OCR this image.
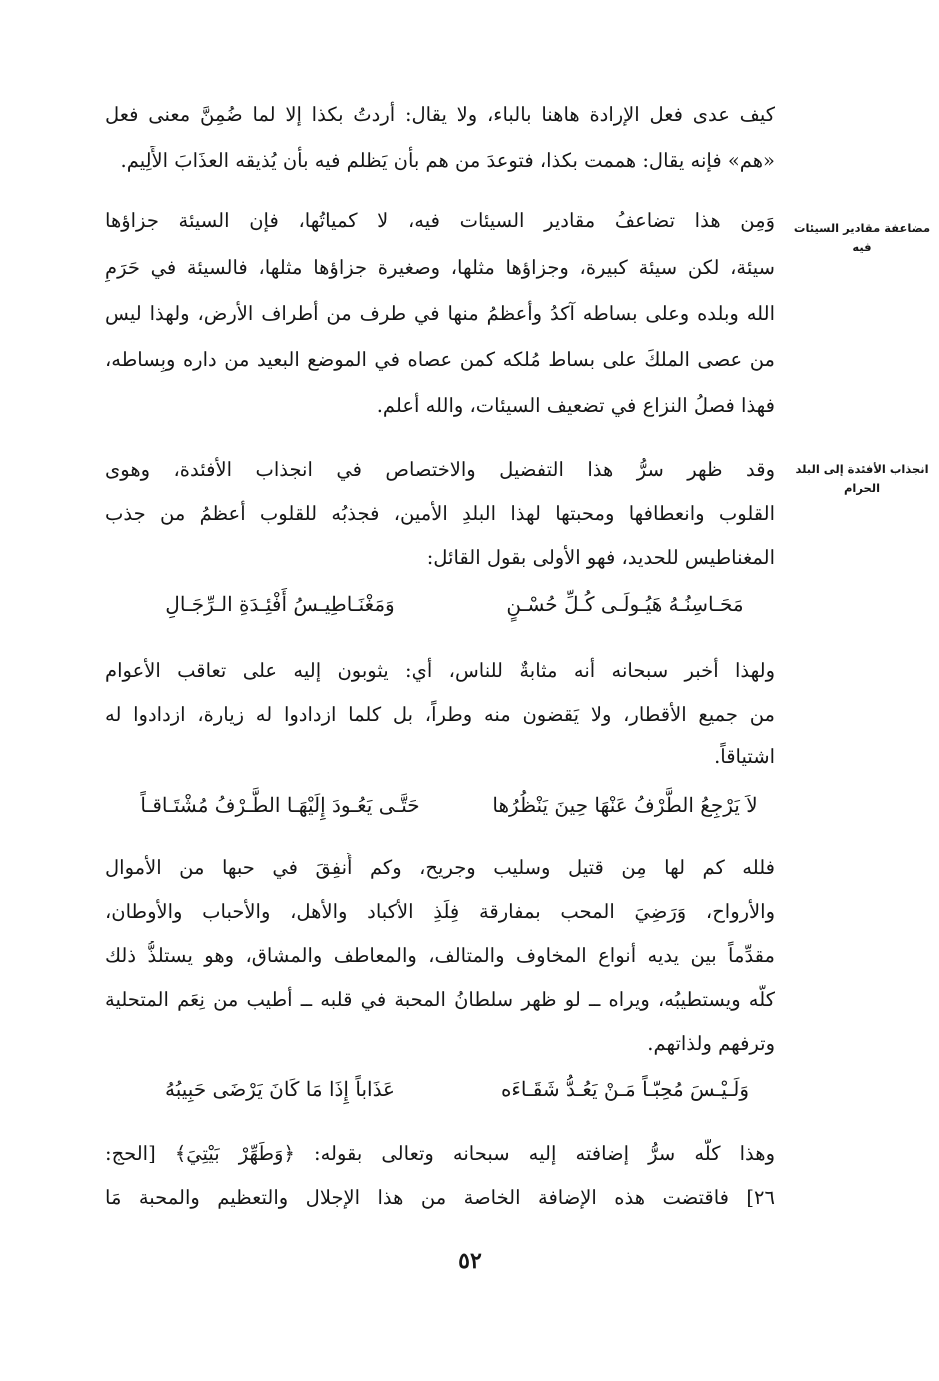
كيف عدى فعل الإرادة هاهنا بالباء، ولا يقال: أردتُ بكذا إلا لما ضُمِنَّ معنى فعل
«هم» فإنه يقال: هممت بكذا، فتوعدَ من هم بأن يَظلم فيه بأن يُذيقه العذَابَ الأَلِيم.
مضاعفة مقادير السيئات فيه
وَمِن هذا تضاعفُ مقادير السيئات فيه، لا كمياتُها، فإن السيئة جزاؤها
سيئة، لكن سيئة كبيرة، وجزاؤها مثلها، وصغيرة جزاؤها مثلها، فالسيئة في حَرَمِ
الله وبلده وعلى بساطه آكدُ وأعظمُ منها في طرف من أطراف الأرض، ولهذا ليس
من عصى الملكَ على بساط مُلكه كمن عصاه في الموضع البعيد من داره وبِساطه،
فهذا فصلُ النزاع في تضعيف السيئات، والله أعلم.
انجذاب الأفئدة إلى البلد الحرام
وقد ظهر سرُّ هذا التفضيل والاختصاص في انجذاب الأفئدة، وهوى
القلوب وانعطافها ومحبتها لهذا البلدِ الأمين، فجذبُه للقلوب أعظمُ من جذب
المغناطيس للحديد، فهو الأولى بقول القائل:
مَحَـاسِنُـهُ هَيُـولَـى كُـلِّ حُسْـنٍ
وَمَغْنَـاطِيـسُ أَفْئِـدَةِ الـرِّجَـالِ
ولهذا أخبر سبحانه أنه مثابةٌ للناس، أي: يثوبون إليه على تعاقب الأعوام
من جميع الأقطار، ولا يَقضون منه وطراً، بل كلما ازدادوا له زيارة، ازدادوا له
اشتياقاً.
لاَ يَرْجِعُ الطَّرْفُ عَنْهَا حِينَ يَنْظُرُها
حَتَّـى يَعُـودَ إِلَيْهَـا الطَّـرْفُ مُشْتَـاقـاً
فلله كم لها مِن قتيل وسليب وجريح، وكم أُنفِقَ في حبها من الأموال
والأرواح، وَرَضِيَ المحب بمفارقة فِلَذِ الأكباد والأهل، والأحباب والأوطان،
مقدِّماً بين يديه أنواع المخاوف والمتالف، والمعاطف والمشاق، وهو يستلذُّ ذلك
كلَّه ويستطيبُه، ويراه ــ لو ظهر سلطانُ المحبة في قلبه ــ أطيب من نِعَم المتحلية
وترفهم ولذاتهم.
وَلَـيْـسَ مُحِبّـاً مَـنْ يَعُـدُّ شَقَـاءَه
عَذَاباً إِذَا مَا كَانَ يَرْضَى حَبِيبُهُ
وهذا كلُّه سرُّ إضافته إليه سبحانه وتعالى بقوله: ﴿وَطَهِّرْ بَيْتِيَ﴾ [الحج:
٢٦] فاقتضت هذه الإضافة الخاصة من هذا الإجلال والتعظيم والمحبة مَا
٥٢
